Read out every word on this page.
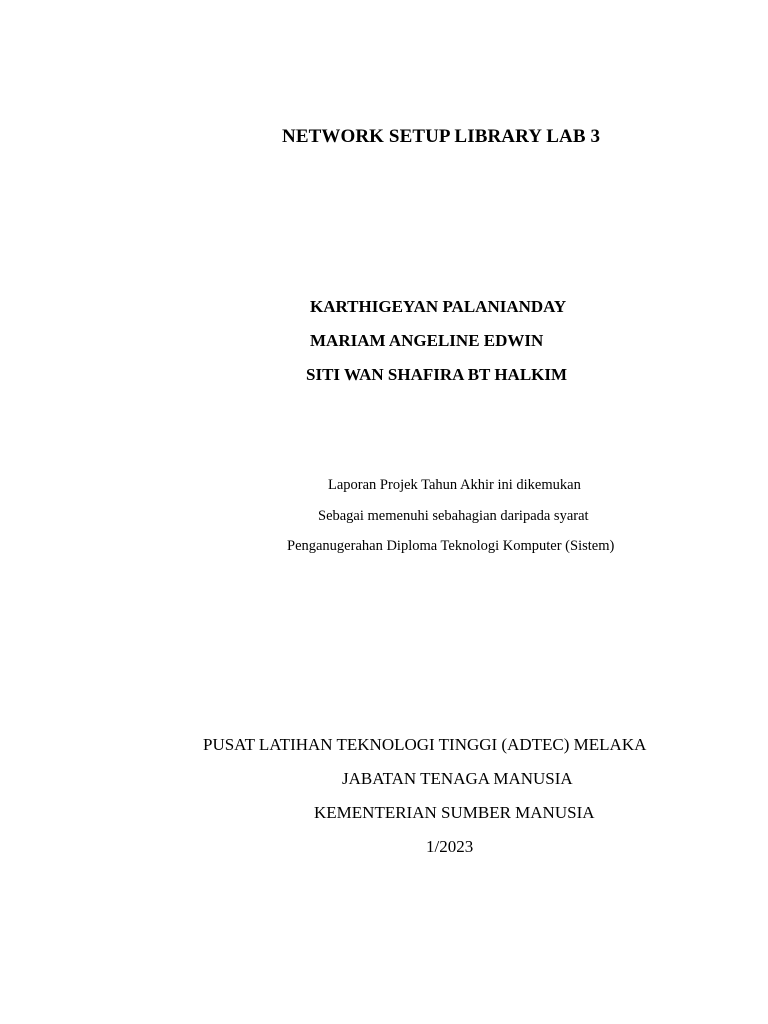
NETWORK SETUP LIBRARY LAB 3
KARTHIGEYAN PALANIANDAY
MARIAM ANGELINE EDWIN
SITI WAN SHAFIRA BT HALKIM
Laporan Projek Tahun Akhir ini dikemukan
Sebagai memenuhi sebahagian daripada syarat
Penganugerahan Diploma Teknologi Komputer (Sistem)
PUSAT LATIHAN TEKNOLOGI TINGGI (ADTEC) MELAKA
JABATAN TENAGA MANUSIA
KEMENTERIAN SUMBER MANUSIA
1/2023
